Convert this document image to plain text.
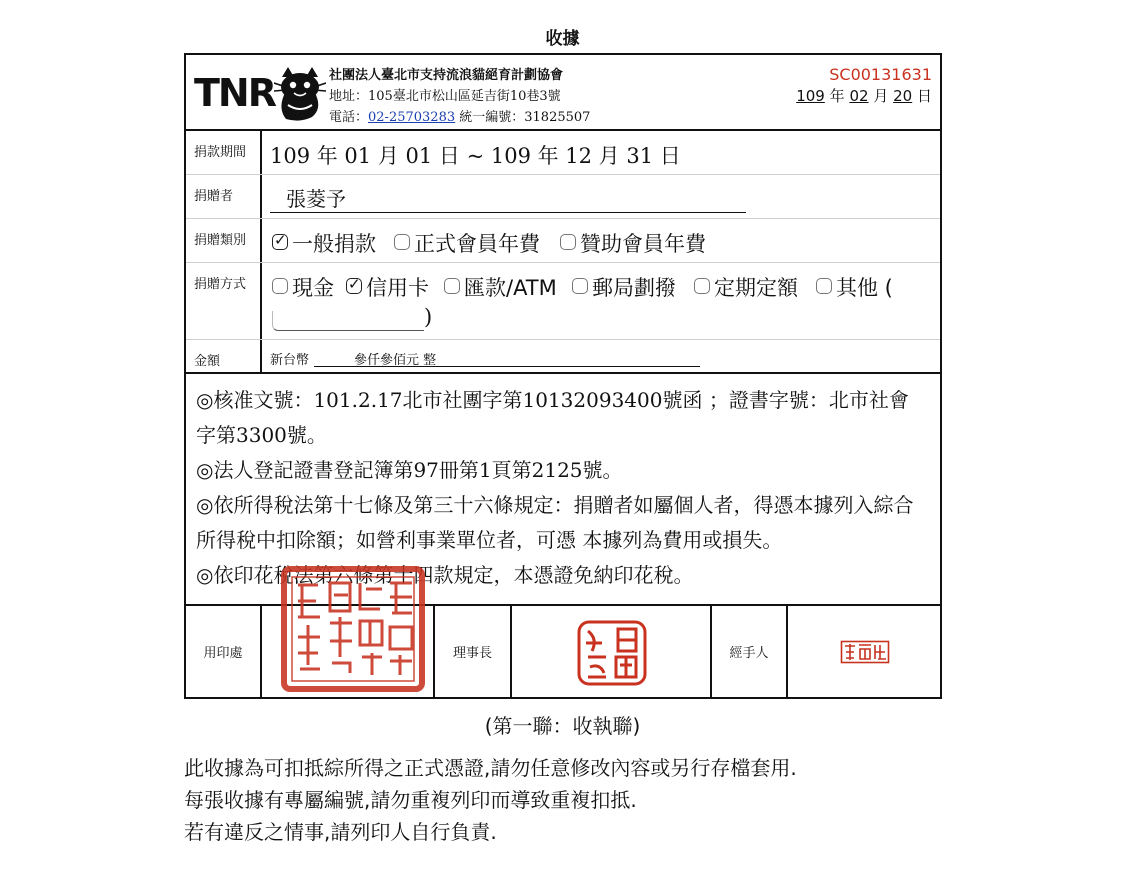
收據
TNR	社團法人臺北市支持流浪貓絕育計劃協會
地址：105臺北市松山區延吉街10巷3號
電話：02-25703283 統一編號：31825507
SC00131631
109 年 02 月 20 日
捐款期間	109 年 01 月 01 日 ~ 109 年 12 月 31 日
捐贈者	張菱予
捐贈類別 ✓	一般捐款 正式會員年費 贊助會員年費
捐贈方式	現金 ✓ 信用卡 匯款/ATM 郵局劃撥 定期定額 其他 (
)
金額	新台幣	參仟參佰元 整

◎核准文號：101.2.17北市社團字第10132093400號函 ；證書字號：北市社會字第3300號。

◎法人登記證書登記簿第97冊第1頁第2125號。

◎依所得稅法第十七條及第三十六條規定：捐贈者如屬個人者，得憑本據列入綜合所得稅中扣除額；如營利事業單位者，可憑 本據列為費用或損失。

◎依印花稅法第六條第十四款規定，本憑證免納印花稅。

用印處	理事長	經手人
(第一聯：收執聯)
此收據為可扣抵綜所得之正式憑證,請勿任意修改內容或另行存檔套用.
每張收據有專屬編號,請勿重複列印而導致重複扣抵.
若有違反之情事,請列印人自行負責.
